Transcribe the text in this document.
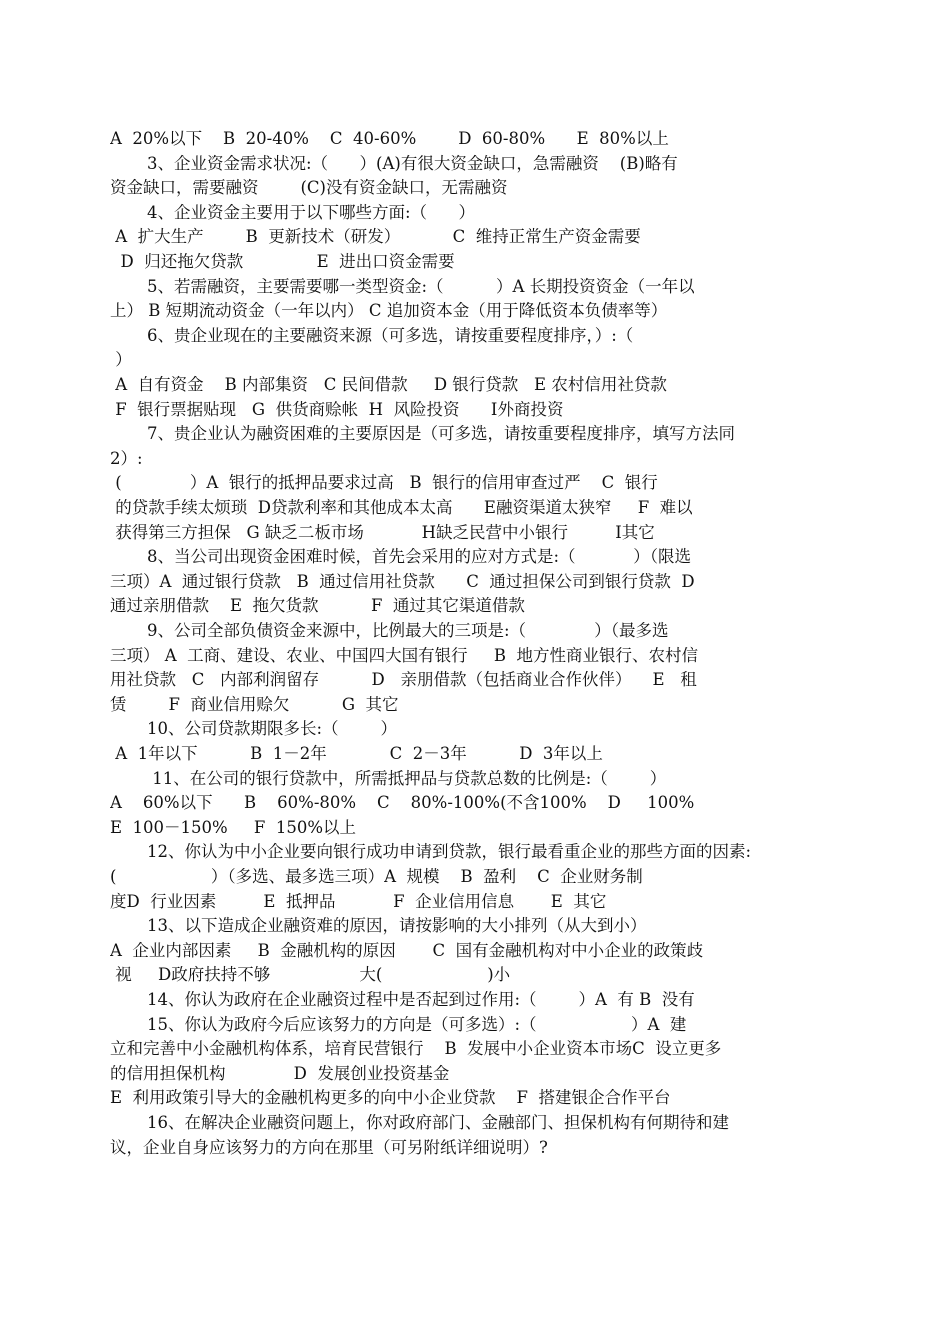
A  20%以下    B  20-40%    C  40-60%        D  60-80%      E  80%以上
3、企业资金需求状况:（      ）(A)有很大资金缺口，急需融资    (B)略有
资金缺口，需要融资        (C)没有资金缺口，无需融资
4、企业资金主要用于以下哪些方面:（      ）
A  扩大生产        B  更新技术（研发）          C  维持正常生产资金需要
D  归还拖欠贷款              E  进出口资金需要
5、若需融资，主要需要哪一类型资金:（          ）A 长期投资资金（一年以
上） B 短期流动资金（一年以内） C 追加资本金（用于降低资本负债率等）
6、贵企业现在的主要融资来源（可多选，请按重要程度排序，）:（
）
A  自有资金    B 内部集资   C 民间借款     D 银行贷款   E 农村信用社贷款
F  银行票据贴现   G  供货商赊帐  H  风险投资      I外商投资
7、贵企业认为融资困难的主要原因是（可多选，请按重要程度排序，填写方法同
2）:
(             ）A  银行的抵押品要求过高   B  银行的信用审查过严    C  银行
的贷款手续太烦琐  D贷款利率和其他成本太高      E融资渠道太狭窄     F  难以
获得第三方担保   G 缺乏二板市场           H缺乏民营中小银行         I其它
8、当公司出现资金困难时候，首先会采用的应对方式是:（           ）（限选
三项）A  通过银行贷款   B  通过信用社贷款      C  通过担保公司到银行贷款  D
通过亲朋借款    E  拖欠货款          F  通过其它渠道借款
9、公司全部负债资金来源中，比例最大的三项是:（             ）（最多选
三项） A  工商、建设、农业、中国四大国有银行     B  地方性商业银行、农村信
用社贷款   C   内部利润留存          D   亲朋借款（包括商业合作伙伴）    E   租
赁        F  商业信用赊欠          G  其它
10、公司贷款期限多长:（        ）
A  1年以下          B  1－2年            C  2－3年          D  3年以上
11、在公司的银行贷款中，所需抵押品与贷款总数的比例是:（        ）
A    60%以下      B    60%-80%    C    80%-100%(不含100%    D     100%
E  100－150%     F  150%以上
12、你认为中小企业要向银行成功申请到贷款，银行最看重企业的那些方面的因素:
(                  ）（多选、最多选三项）A  规模    B  盈利    C  企业财务制
度D  行业因素         E  抵押品           F  企业信用信息       E  其它
13、以下造成企业融资难的原因，请按影响的大小排列（从大到小）
A  企业内部因素     B  金融机构的原因       C  国有金融机构对中小企业的政策歧
视     D政府扶持不够                 大(                    )小
14、你认为政府在企业融资过程中是否起到过作用:（        ）A  有 B  没有
15、你认为政府今后应该努力的方向是（可多选）:（                  ）A  建
立和完善中小金融机构体系，培育民营银行    B  发展中小企业资本市场C  设立更多
的信用担保机构             D  发展创业投资基金
E  利用政策引导大的金融机构更多的向中小企业贷款    F  搭建银企合作平台
16、在解决企业融资问题上，你对政府部门、金融部门、担保机构有何期待和建
议，企业自身应该努力的方向在那里（可另附纸详细说明）?
